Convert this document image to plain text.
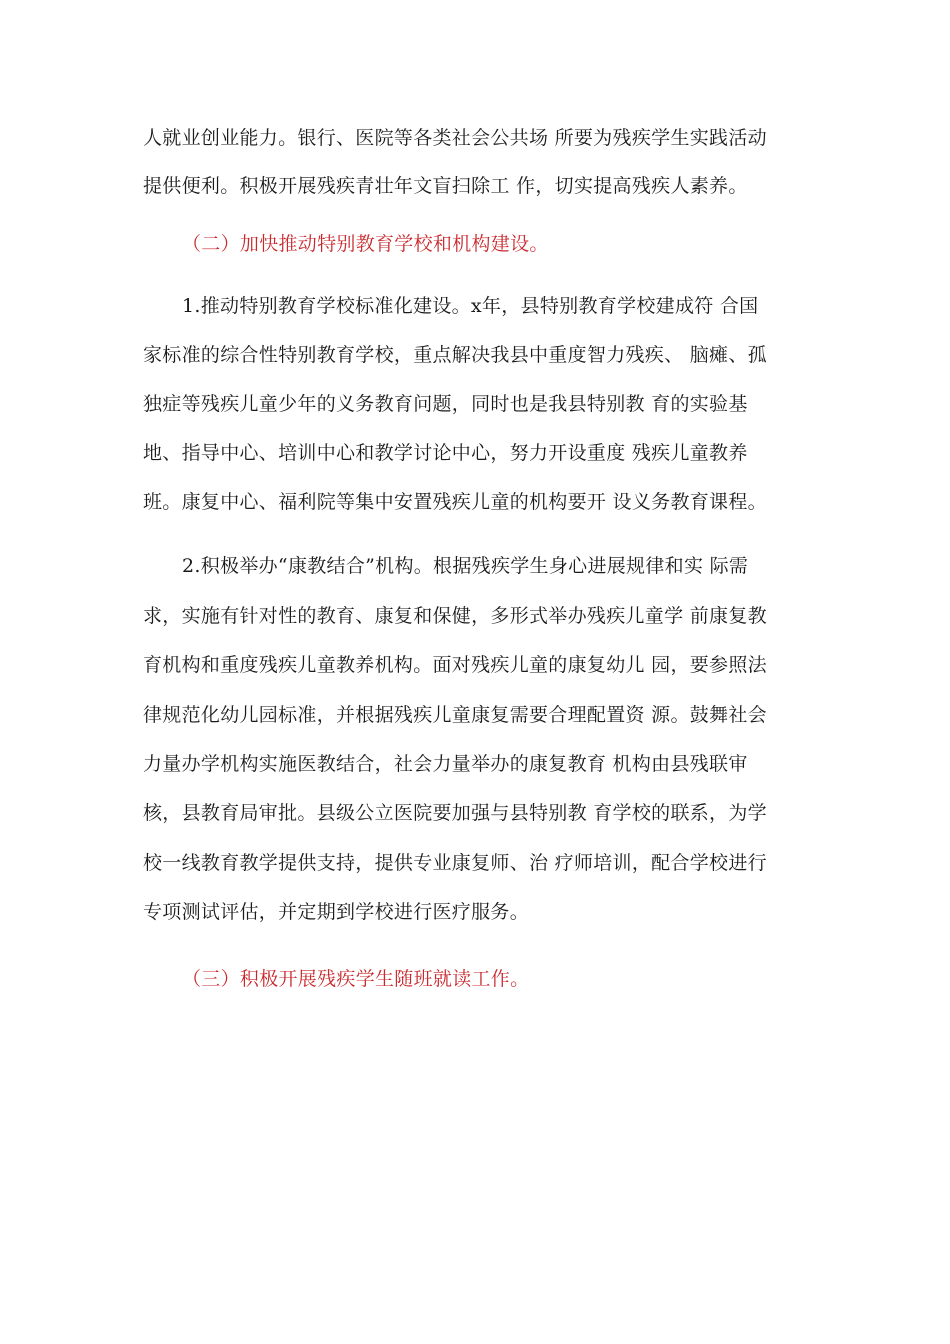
人就业创业能力。银行、医院等各类社会公共场 所要为残疾学生实践活动
提供便利。积极开展残疾青壮年文盲扫除工 作，切实提高残疾人素养。
（二）加快推动特别教育学校和机构建设。
1.推动特别教育学校标准化建设。x年，县特别教育学校建成符 合国
家标准的综合性特别教育学校，重点解决我县中重度智力残疾、 脑瘫、孤
独症等残疾儿童少年的义务教育问题，同时也是我县特别教 育的实验基
地、指导中心、培训中心和教学讨论中心，努力开设重度 残疾儿童教养
班。康复中心、福利院等集中安置残疾儿童的机构要开 设义务教育课程。
2.积极举办“康教结合”机构。根据残疾学生身心进展规律和实 际需
求，实施有针对性的教育、康复和保健，多形式举办残疾儿童学 前康复教
育机构和重度残疾儿童教养机构。面对残疾儿童的康复幼儿 园，要参照法
律规范化幼儿园标准，并根据残疾儿童康复需要合理配置资 源。鼓舞社会
力量办学机构实施医教结合，社会力量举办的康复教育 机构由县残联审
核，县教育局审批。县级公立医院要加强与县特别教 育学校的联系，为学
校一线教育教学提供支持，提供专业康复师、治 疗师培训，配合学校进行
专项测试评估，并定期到学校进行医疗服务。
（三）积极开展残疾学生随班就读工作。
